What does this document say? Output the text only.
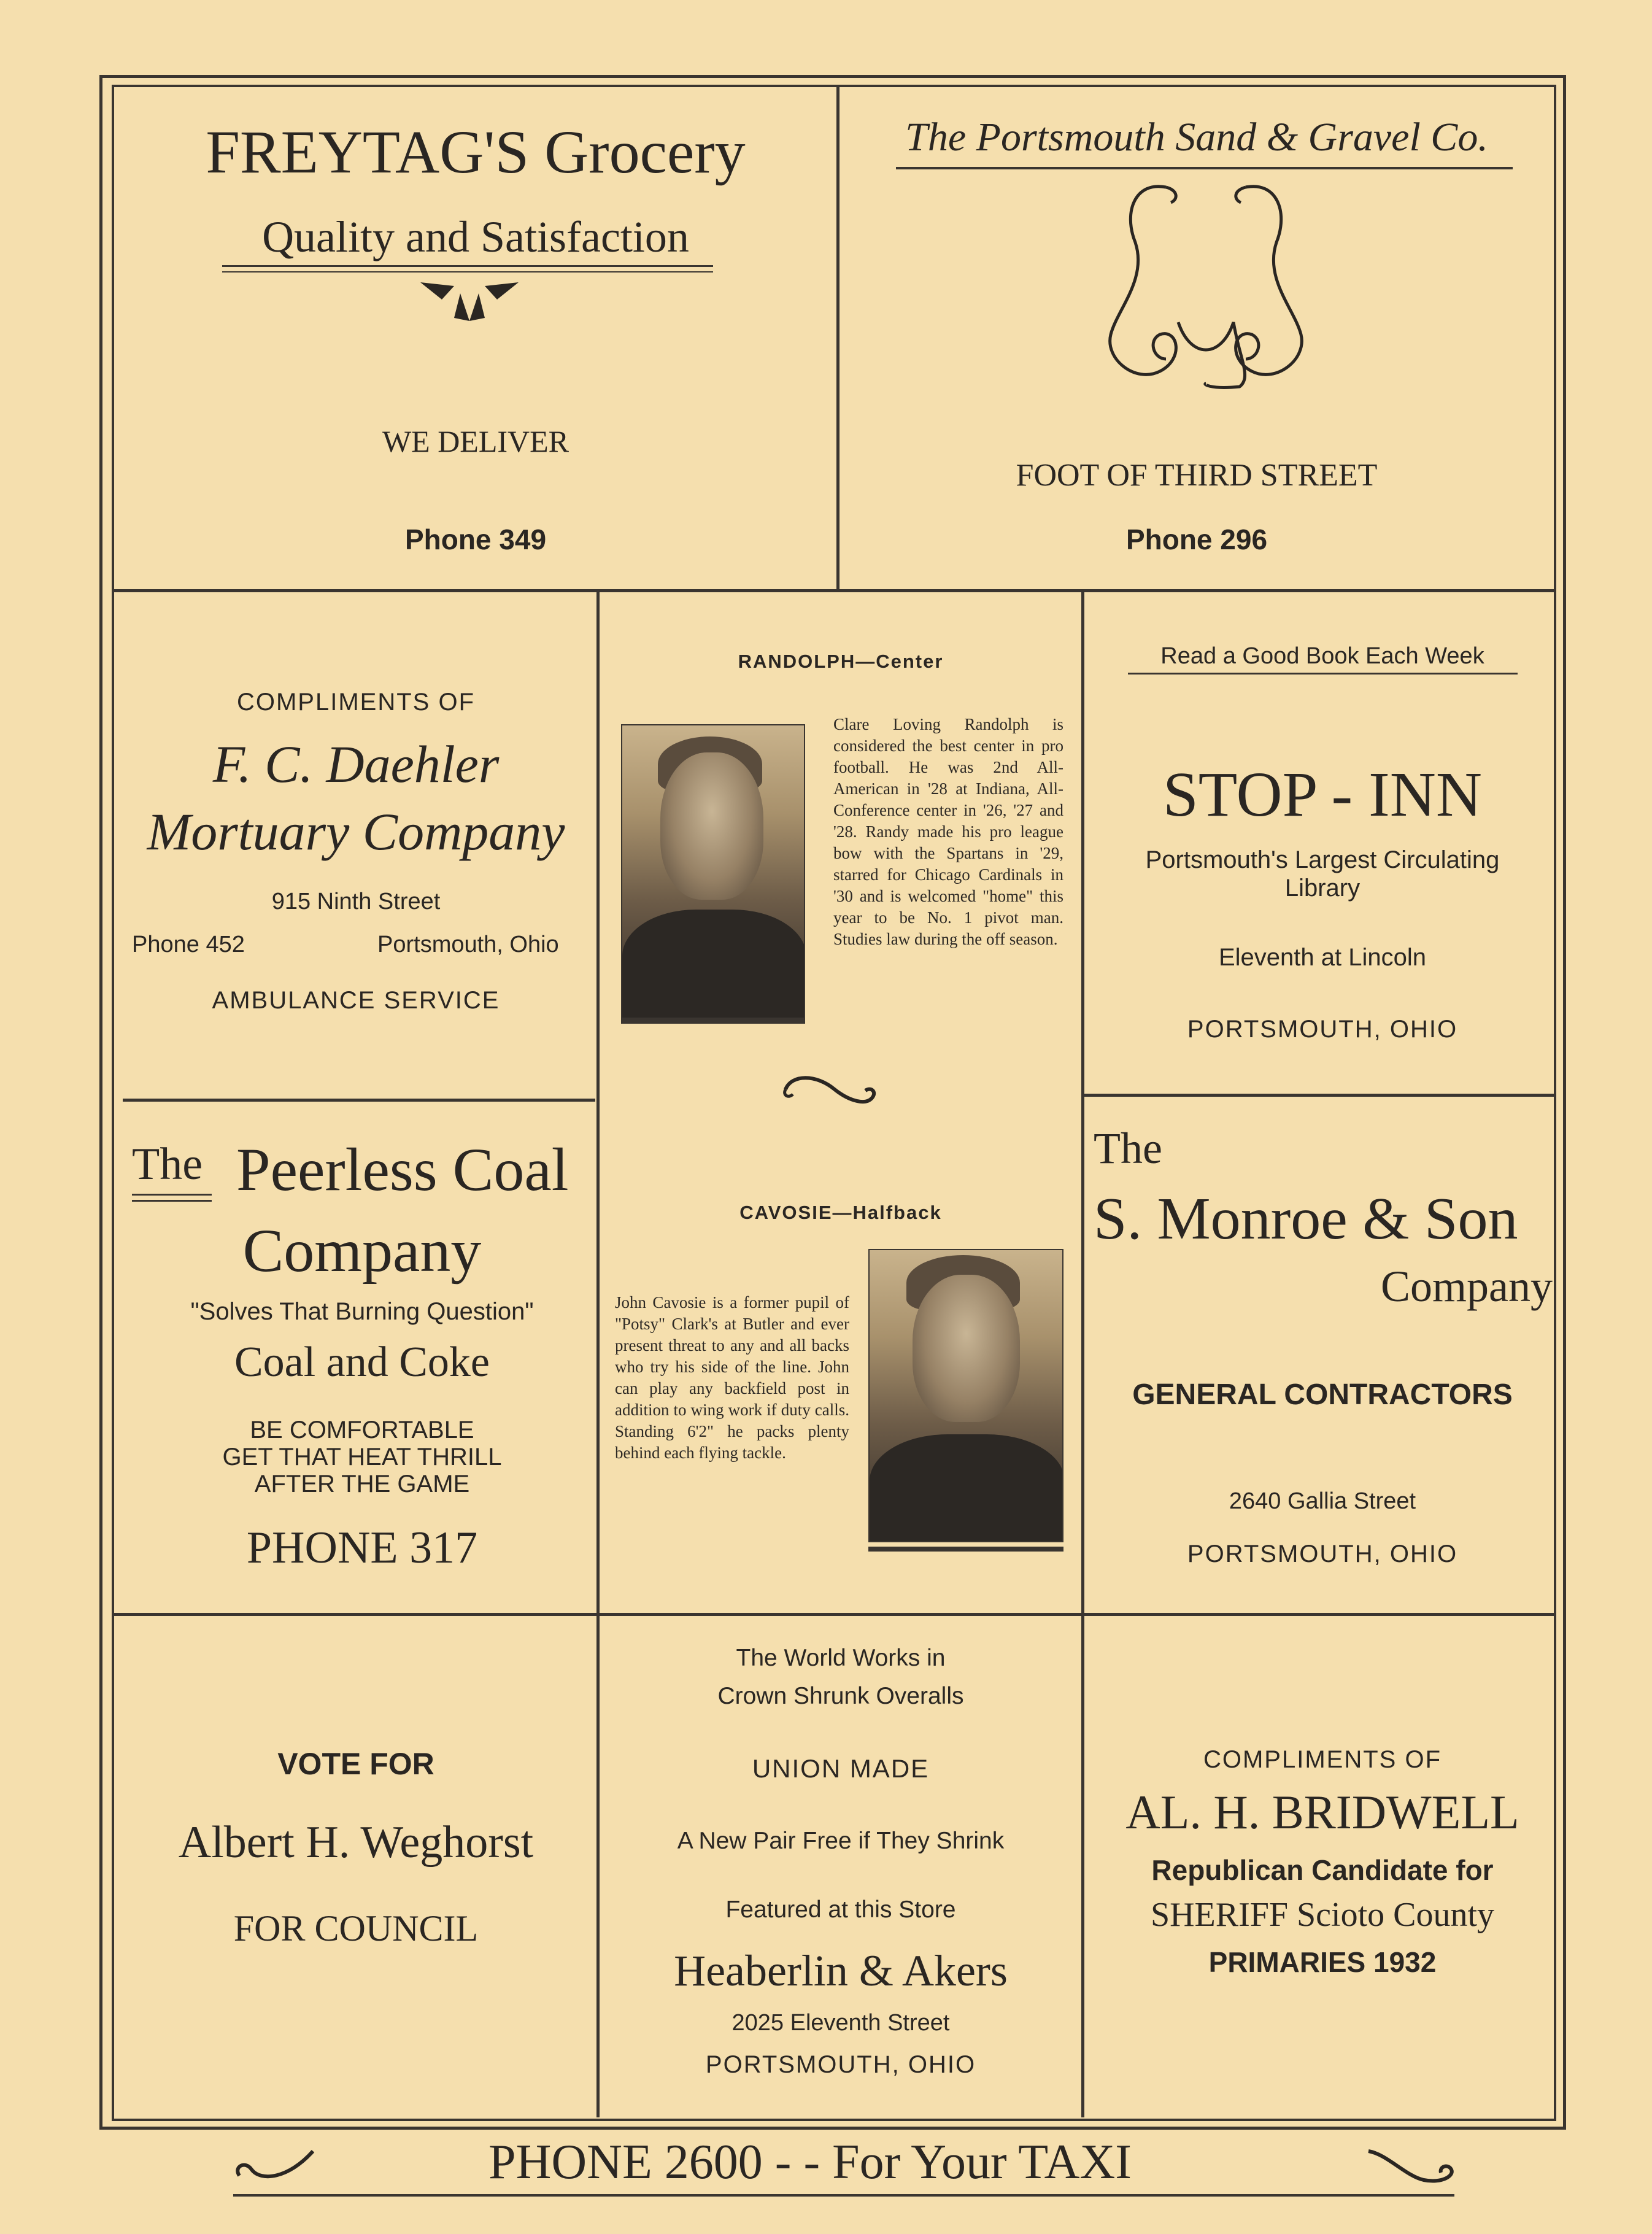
FREYTAG'S Grocery
Quality and Satisfaction
WE DELIVER
Phone 349
The Portsmouth Sand & Gravel Co.
FOOT OF THIRD STREET
Phone 296
COMPLIMENTS OF
F. C. Daehler
Mortuary Company
915 Ninth Street
Phone 452	Portsmouth, Ohio
AMBULANCE SERVICE
RANDOLPH—Center
Clare Loving Randolph is considered the best center in pro football. He was 2nd All-American in '28 at Indiana, All-Conference center in '26, '27 and '28. Randy made his pro league bow with the Spartans in '29, starred for Chicago Cardinals in '30 and is welcomed "home" this year to be No. 1 pivot man. Studies law during the off season.
CAVOSIE—Halfback
John Cavosie is a former pupil of "Potsy" Clark's at Butler and ever present threat to any and all backs who try his side of the line. John can play any backfield post in addition to wing work if duty calls. Standing 6'2" he packs plenty behind each flying tackle.
Read a Good Book Each Week
STOP - INN
Portsmouth's Largest Circulating Library
Eleventh at Lincoln
PORTSMOUTH, OHIO
The Peerless Coal
Company
"Solves That Burning Question"
Coal and Coke
BE COMFORTABLE
GET THAT HEAT THRILL
AFTER THE GAME
PHONE 317
The
S. Monroe & Son
Company
GENERAL CONTRACTORS
2640 Gallia Street
PORTSMOUTH, OHIO
VOTE FOR
Albert H. Weghorst
FOR COUNCIL
The World Works in
Crown Shrunk Overalls
UNION MADE
A New Pair Free if They Shrink
Featured at this Store
Heaberlin & Akers
2025 Eleventh Street
PORTSMOUTH, OHIO
COMPLIMENTS OF
AL. H. BRIDWELL
Republican Candidate for
SHERIFF Scioto County
PRIMARIES 1932
PHONE 2600 - - For Your TAXI
